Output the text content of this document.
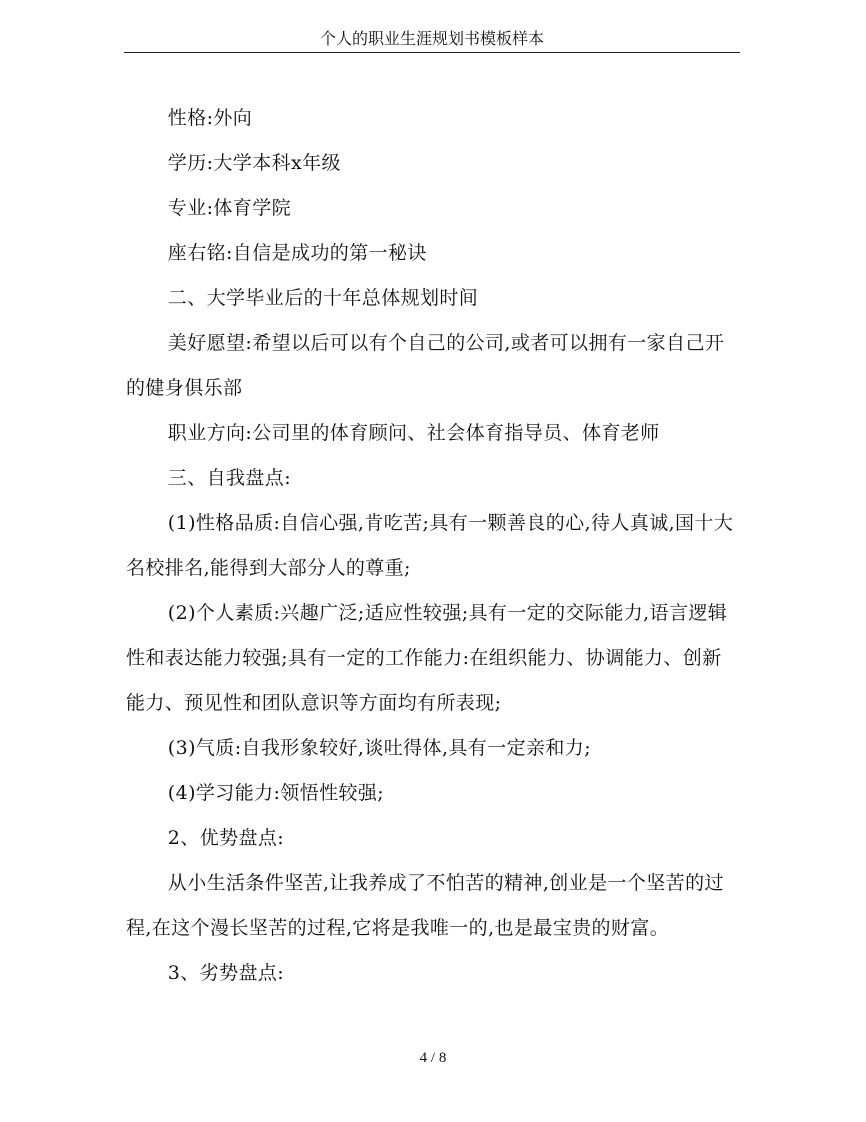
个人的职业生涯规划书模板样本

性格:外向

学历:大学本科x年级

专业:体育学院

座右铭:自信是成功的第一秘诀

二、大学毕业后的十年总体规划时间

美好愿望:希望以后可以有个自己的公司,或者可以拥有一家自己开的健身俱乐部

职业方向:公司里的体育顾问、社会体育指导员、体育老师

三、自我盘点:

(1)性格品质:自信心强,肯吃苦;具有一颗善良的心,待人真诚,国十大名校排名,能得到大部分人的尊重;

(2)个人素质:兴趣广泛;适应性较强;具有一定的交际能力,语言逻辑性和表达能力较强;具有一定的工作能力:在组织能力、协调能力、创新能力、预见性和团队意识等方面均有所表现;

(3)气质:自我形象较好,谈吐得体,具有一定亲和力;

(4)学习能力:领悟性较强;

2、优势盘点:

从小生活条件坚苦,让我养成了不怕苦的精神,创业是一个坚苦的过程,在这个漫长坚苦的过程,它将是我唯一的,也是最宝贵的财富。

3、劣势盘点:

4 / 8
